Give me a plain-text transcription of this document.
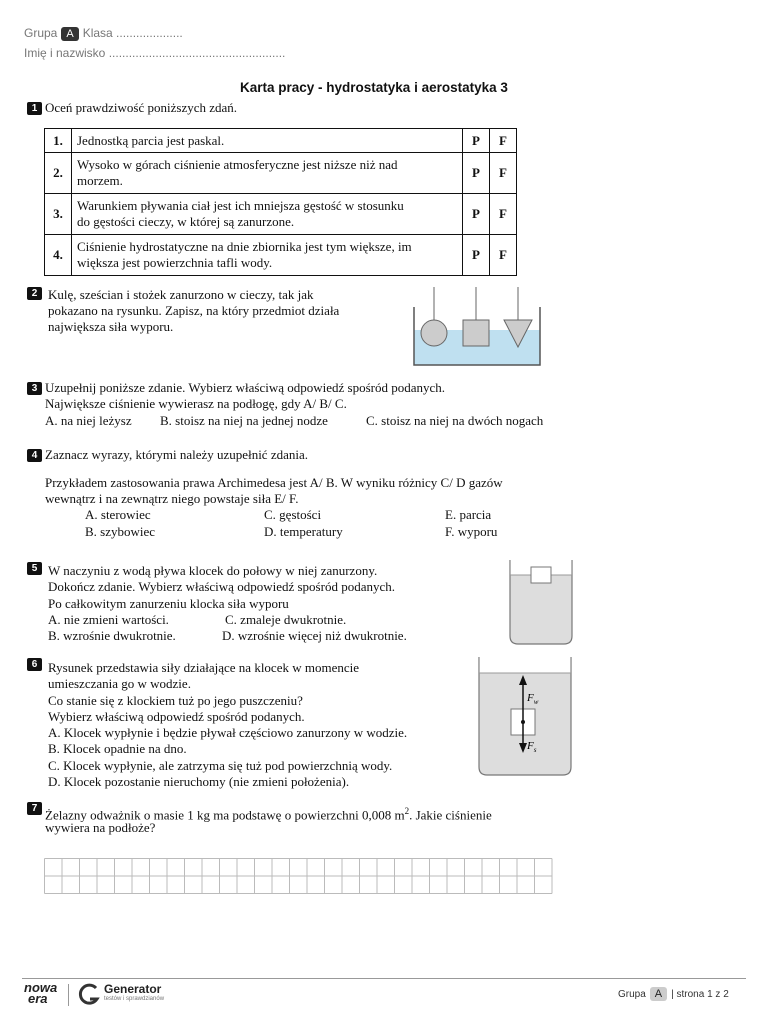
Grupa A Klasa ....................
Imię i nazwisko .....................................................
Karta pracy - hydrostatyka i aerostatyka 3
1 Oceń prawdziwość poniższych zdań.
1.	Jednostką parcia jest paskal.	P	F
2.	Wysoko w górach ciśnienie atmosferyczne jest niższe niż nad
morzem.	P	F
3.	Warunkiem pływania ciał jest ich mniejsza gęstość w stosunku
do gęstości cieczy, w której są zanurzone.	P	F
4.	Ciśnienie hydrostatyczne na dnie zbiornika jest tym większe, im
większa jest powierzchnia tafli wody.	P	F
2 Kulę, sześcian i stożek zanurzono w cieczy, tak jak
pokazano na rysunku. Zapisz, na który przedmiot działa
największa siła wyporu.
3 Uzupełnij poniższe zdanie. Wybierz właściwą odpowiedź spośród podanych.
Największe ciśnienie wywierasz na podłogę, gdy A/ B/ C.
A. na niej leżysz B. stoisz na niej na jednej nodze	C. stoisz na niej na dwóch nogach
4 Zaznacz wyrazy, którymi należy uzupełnić zdania.
Przykładem zastosowania prawa Archimedesa jest A/ B. W wyniku różnicy C/ D gazów
wewnątrz i na zewnątrz niego powstaje siła E/ F.
A. sterowiec	C. gęstości	E. parcia
B. szybowiec	D. temperatury	F. wyporu
5 W naczyniu z wodą pływa klocek do połowy w niej zanurzony.
Dokończ zdanie. Wybierz właściwą odpowiedź spośród podanych.
Po całkowitym zanurzeniu klocka siła wyporu
A. nie zmieni wartości.	C. zmaleje dwukrotnie.
B. wzrośnie dwukrotnie.	D. wzrośnie więcej niż dwukrotnie.
6 Rysunek przedstawia siły działające na klocek w momencie
umieszczania go w wodzie.
Co stanie się z klockiem tuż po jego puszczeniu?
Wybierz właściwą odpowiedź spośród podanych.
A. Klocek wypłynie i będzie pływał częściowo zanurzony w wodzie.
B. Klocek opadnie na dno.
C. Klocek wypłynie, ale zatrzyma się tuż pod powierzchnią wody.
D. Klocek pozostanie nieruchomy (nie zmieni położenia).
$F_w$
$F_s$
7 Żelazny odważnik o masie 1 kg ma podstawę o powierzchni 0,008 $m^2$. Jakie ciśnienie
wywiera na podłoże?
nowa
era
Generator
testów i sprawdzianów	Grupa A | strona 1 z 2
